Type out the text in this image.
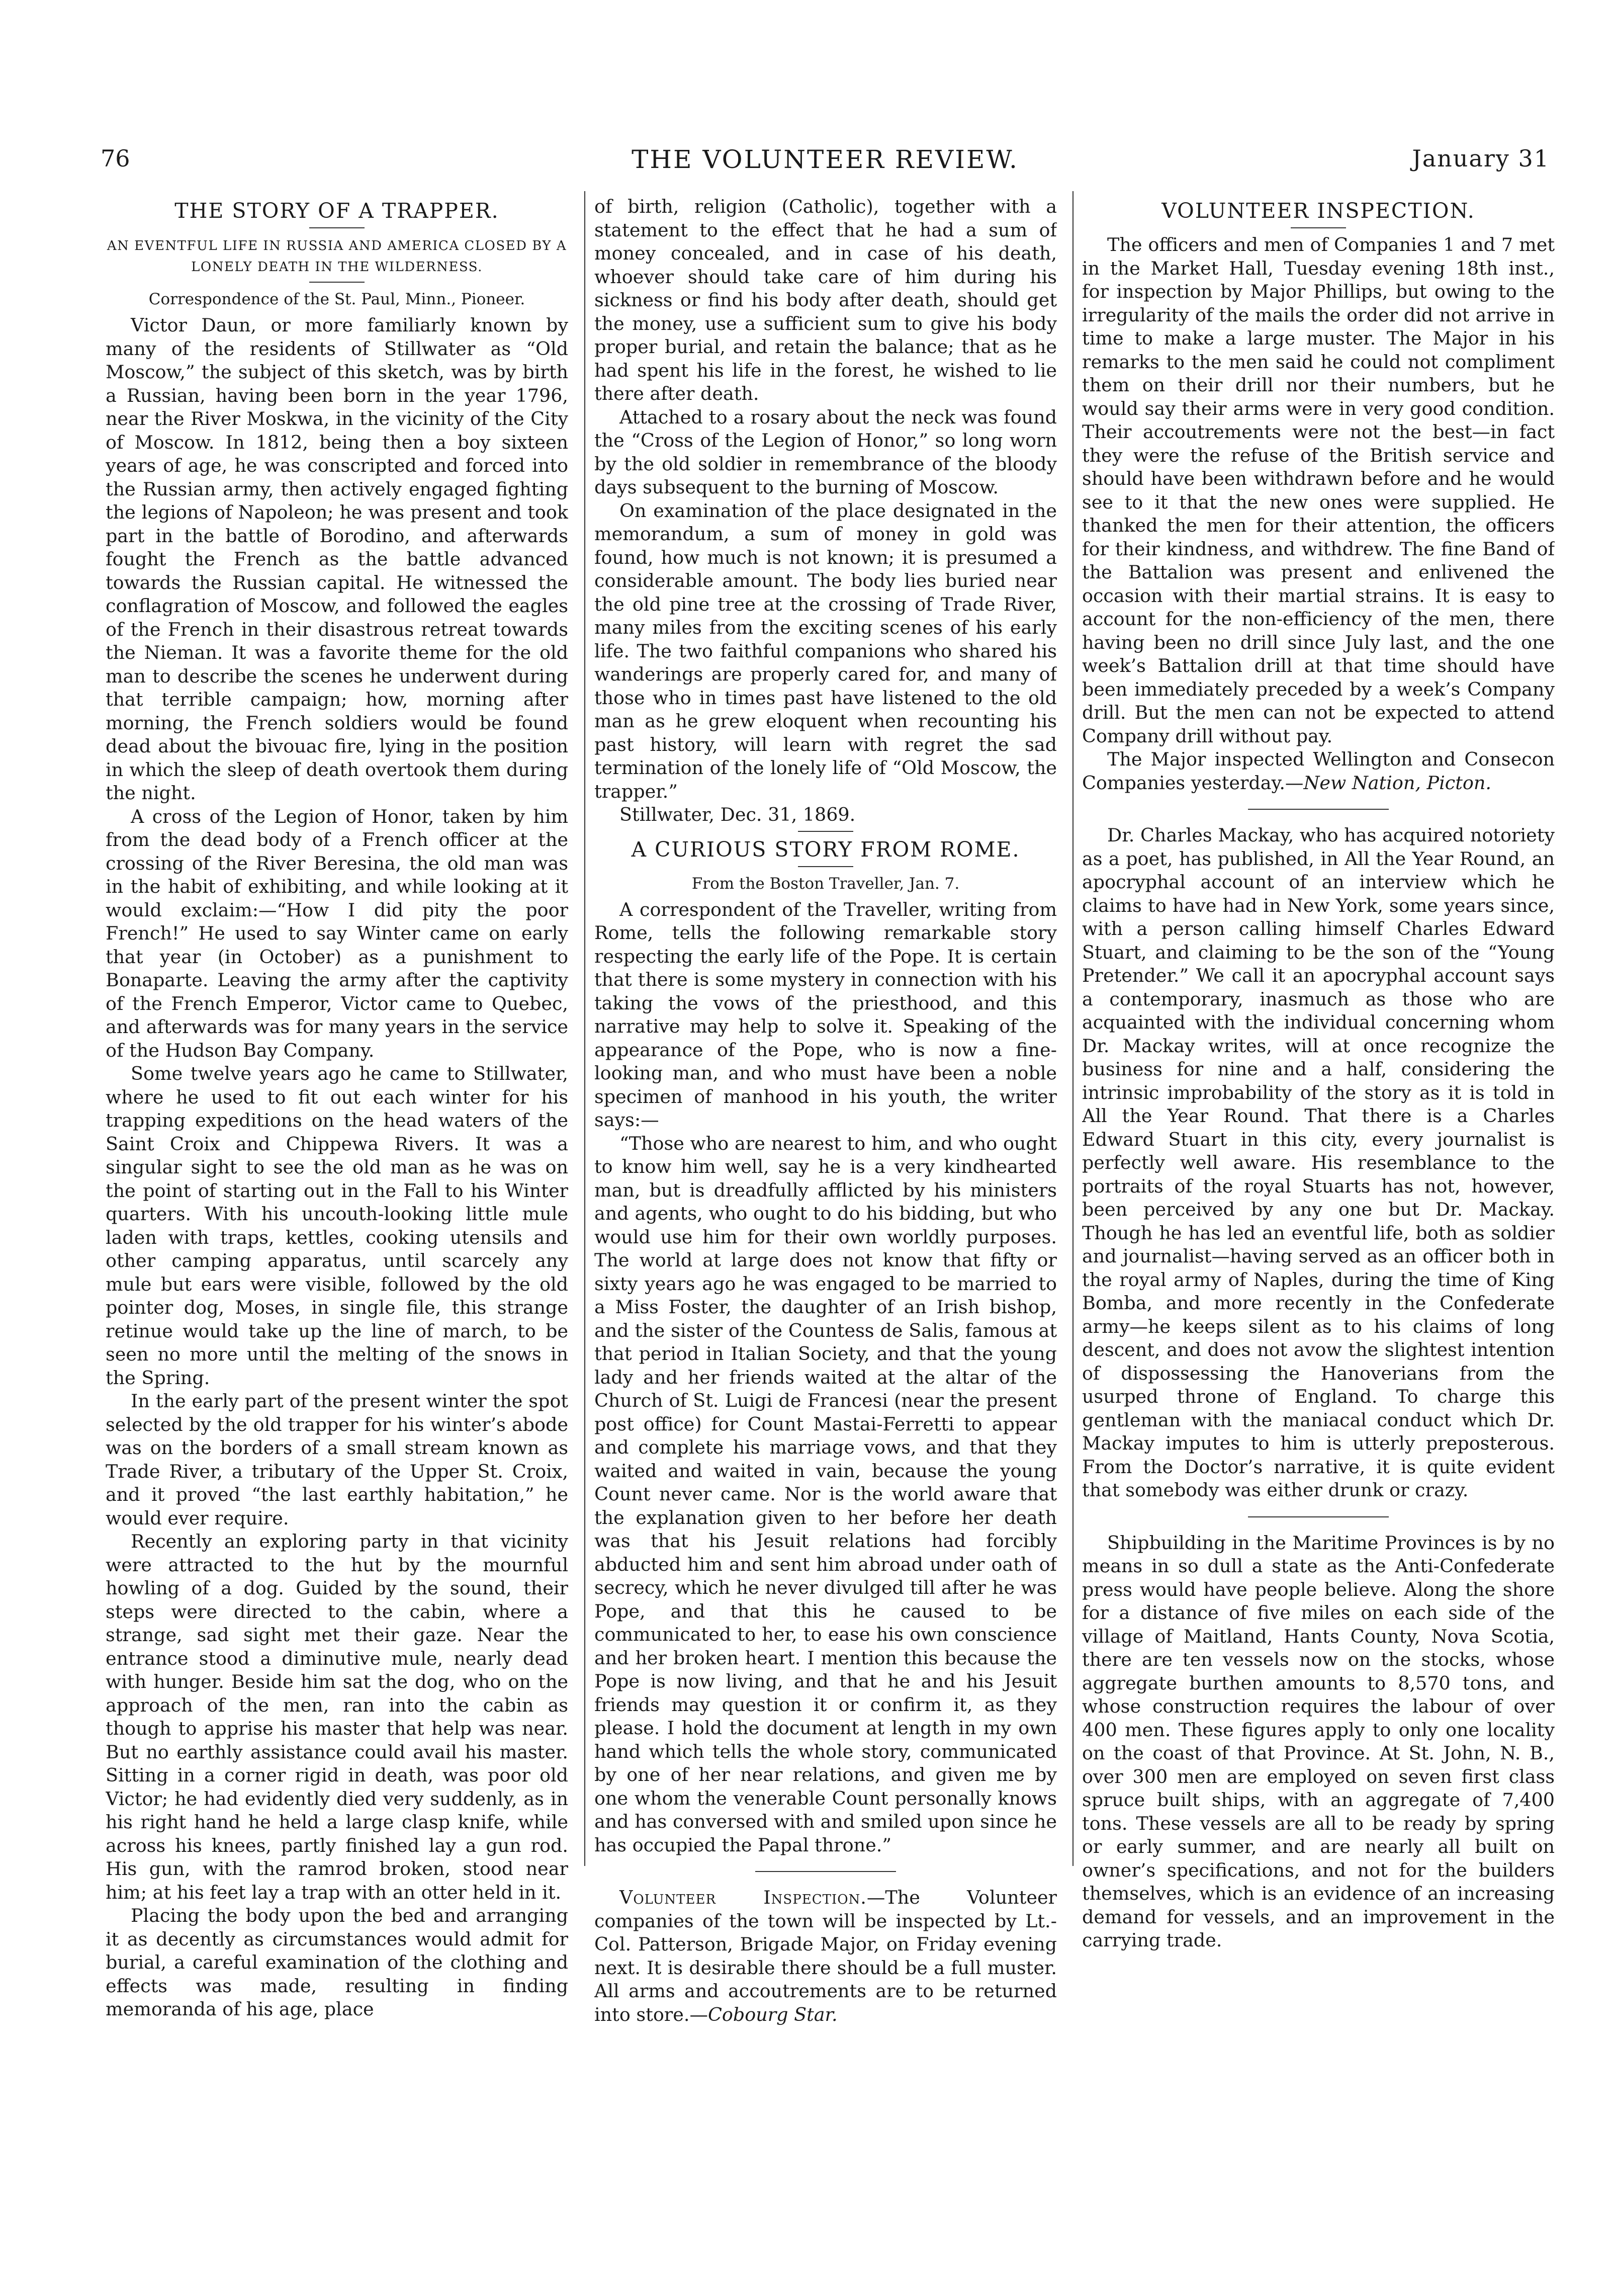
76	THE VOLUNTEER REVIEW.	January 31
THE STORY OF A TRAPPER.
AN EVENTFUL LIFE IN RUSSIA AND AMERICA CLOSED BY A LONELY DEATH IN THE WILDERNESS.
Correspondence of the St. Paul, Minn., Pioneer.

Victor Daun, or more familiarly known by many of the residents of Stillwater as “Old Moscow,” the subject of this sketch, was by birth a Russian, having been born in the year 1796, near the River Moskwa, in the vicinity of the City of Moscow. In 1812, being then a boy sixteen years of age, he was conscripted and forced into the Russian army, then actively engaged fighting the legions of Napoleon; he was present and took part in the battle of Borodino, and afterwards fought the French as the battle advanced towards the Russian capital. He witnessed the conflagration of Moscow, and followed the eagles of the French in their disastrous retreat towards the Nieman. It was a favorite theme for the old man to describe the scenes he underwent during that terrible campaign; how, morning after morning, the French soldiers would be found dead about the bivouac fire, lying in the position in which the sleep of death overtook them during the night.

A cross of the Legion of Honor, taken by him from the dead body of a French officer at the crossing of the River Beresina, the old man was in the habit of exhibiting, and while looking at it would exclaim:—“How I did pity the poor French!” He used to say Winter came on early that year (in October) as a punishment to Bonaparte. Leaving the army after the captivity of the French Emperor, Victor came to Quebec, and afterwards was for many years in the service of the Hudson Bay Company.

Some twelve years ago he came to Stillwater, where he used to fit out each winter for his trapping expeditions on the head waters of the Saint Croix and Chippewa Rivers. It was a singular sight to see the old man as he was on the point of starting out in the Fall to his Winter quarters. With his uncouth-looking little mule laden with traps, kettles, cooking utensils and other camping apparatus, until scarcely any mule but ears were visible, followed by the old pointer dog, Moses, in single file, this strange retinue would take up the line of march, to be seen no more until the melting of the snows in the Spring.

In the early part of the present winter the spot selected by the old trapper for his winter’s abode was on the borders of a small stream known as Trade River, a tributary of the Upper St. Croix, and it proved “the last earthly habitation,” he would ever require.

Recently an exploring party in that vicinity were attracted to the hut by the mournful howling of a dog. Guided by the sound, their steps were directed to the cabin, where a strange, sad sight met their gaze. Near the entrance stood a diminutive mule, nearly dead with hunger. Beside him sat the dog, who on the approach of the men, ran into the cabin as though to apprise his master that help was near. But no earthly assistance could avail his master. Sitting in a corner rigid in death, was poor old Victor; he had evidently died very suddenly, as in his right hand he held a large clasp knife, while across his knees, partly finished lay a gun rod. His gun, with the ramrod broken, stood near him; at his feet lay a trap with an otter held in it.

Placing the body upon the bed and arranging it as decently as circumstances would admit for burial, a careful examination of the clothing and effects was made, resulting in finding memoranda of his age, place

of birth, religion (Catholic), together with a statement to the effect that he had a sum of money concealed, and in case of his death, whoever should take care of him during his sickness or find his body after death, should get the money, use a sufficient sum to give his body proper burial, and retain the balance; that as he had spent his life in the forest, he wished to lie there after death.

Attached to a rosary about the neck was found the “Cross of the Legion of Honor,” so long worn by the old soldier in remembrance of the bloody days subsequent to the burning of Moscow.

On examination of the place designated in the memorandum, a sum of money in gold was found, how much is not known; it is presumed a considerable amount. The body lies buried near the old pine tree at the crossing of Trade River, many miles from the exciting scenes of his early life. The two faithful companions who shared his wanderings are properly cared for, and many of those who in times past have listened to the old man as he grew eloquent when recounting his past history, will learn with regret the sad termination of the lonely life of “Old Moscow, the trapper.”

Stillwater, Dec. 31, 1869.

A CURIOUS STORY FROM ROME.
From the Boston Traveller, Jan. 7.

A correspondent of the Traveller, writing from Rome, tells the following remarkable story respecting the early life of the Pope. It is certain that there is some mystery in connection with his taking the vows of the priesthood, and this narrative may help to solve it. Speaking of the appearance of the Pope, who is now a fine-looking man, and who must have been a noble specimen of manhood in his youth, the writer says:—

“Those who are nearest to him, and who ought to know him well, say he is a very kindhearted man, but is dreadfully afflicted by his ministers and agents, who ought to do his bidding, but who would use him for their own worldly purposes. The world at large does not know that fifty or sixty years ago he was engaged to be married to a Miss Foster, the daughter of an Irish bishop, and the sister of the Countess de Salis, famous at that period in Italian Society, and that the young lady and her friends waited at the altar of the Church of St. Luigi de Francesi (near the present post office) for Count Mastai-Ferretti to appear and complete his marriage vows, and that they waited and waited in vain, because the young Count never came. Nor is the world aware that the explanation given to her before her death was that his Jesuit relations had forcibly abducted him and sent him abroad under oath of secrecy, which he never divulged till after he was Pope, and that this he caused to be communicated to her, to ease his own conscience and her broken heart. I mention this because the Pope is now living, and that he and his Jesuit friends may question it or confirm it, as they please. I hold the document at length in my own hand which tells the whole story, communicated by one of her near relations, and given me by one whom the venerable Count personally knows and has conversed with and smiled upon since he has occupied the Papal throne.”

Volunteer Inspection.—The Volunteer companies of the town will be inspected by Lt.-Col. Patterson, Brigade Major, on Friday evening next. It is desirable there should be a full muster. All arms and accoutrements are to be returned into store.—Cobourg Star.

VOLUNTEER INSPECTION.

The officers and men of Companies 1 and 7 met in the Market Hall, Tuesday evening 18th inst., for inspection by Major Phillips, but owing to the irregularity of the mails the order did not arrive in time to make a large muster. The Major in his remarks to the men said he could not compliment them on their drill nor their numbers, but he would say their arms were in very good condition. Their accoutrements were not the best—in fact they were the refuse of the British service and should have been withdrawn before and he would see to it that the new ones were supplied. He thanked the men for their attention, the officers for their kindness, and withdrew. The fine Band of the Battalion was present and enlivened the occasion with their martial strains. It is easy to account for the non-efficiency of the men, there having been no drill since July last, and the one week’s Battalion drill at that time should have been immediately preceded by a week’s Company drill. But the men can not be expected to attend Company drill without pay.

The Major inspected Wellington and Consecon Companies yesterday.—New Nation, Picton.

Dr. Charles Mackay, who has acquired notoriety as a poet, has published, in All the Year Round, an apocryphal account of an interview which he claims to have had in New York, some years since, with a person calling himself Charles Edward Stuart, and claiming to be the son of the “Young Pretender.” We call it an apocryphal account says a contemporary, inasmuch as those who are acquainted with the individual concerning whom Dr. Mackay writes, will at once recognize the business for nine and a half, considering the intrinsic improbability of the story as it is told in All the Year Round. That there is a Charles Edward Stuart in this city, every journalist is perfectly well aware. His resemblance to the portraits of the royal Stuarts has not, however, been perceived by any one but Dr. Mackay. Though he has led an eventful life, both as soldier and journalist—having served as an officer both in the royal army of Naples, during the time of King Bomba, and more recently in the Confederate army—he keeps silent as to his claims of long descent, and does not avow the slightest intention of dispossessing the Hanoverians from the usurped throne of England. To charge this gentleman with the maniacal conduct which Dr. Mackay imputes to him is utterly preposterous. From the Doctor’s narrative, it is quite evident that somebody was either drunk or crazy.

Shipbuilding in the Maritime Provinces is by no means in so dull a state as the Anti-Confederate press would have people believe. Along the shore for a distance of five miles on each side of the village of Maitland, Hants County, Nova Scotia, there are ten vessels now on the stocks, whose aggregate burthen amounts to 8,570 tons, and whose construction requires the labour of over 400 men. These figures apply to only one locality on the coast of that Province. At St. John, N. B., over 300 men are employed on seven first class spruce built ships, with an aggregate of 7,400 tons. These vessels are all to be ready by spring or early summer, and are nearly all built on owner’s specifications, and not for the builders themselves, which is an evidence of an increasing demand for vessels, and an improvement in the carrying trade.
